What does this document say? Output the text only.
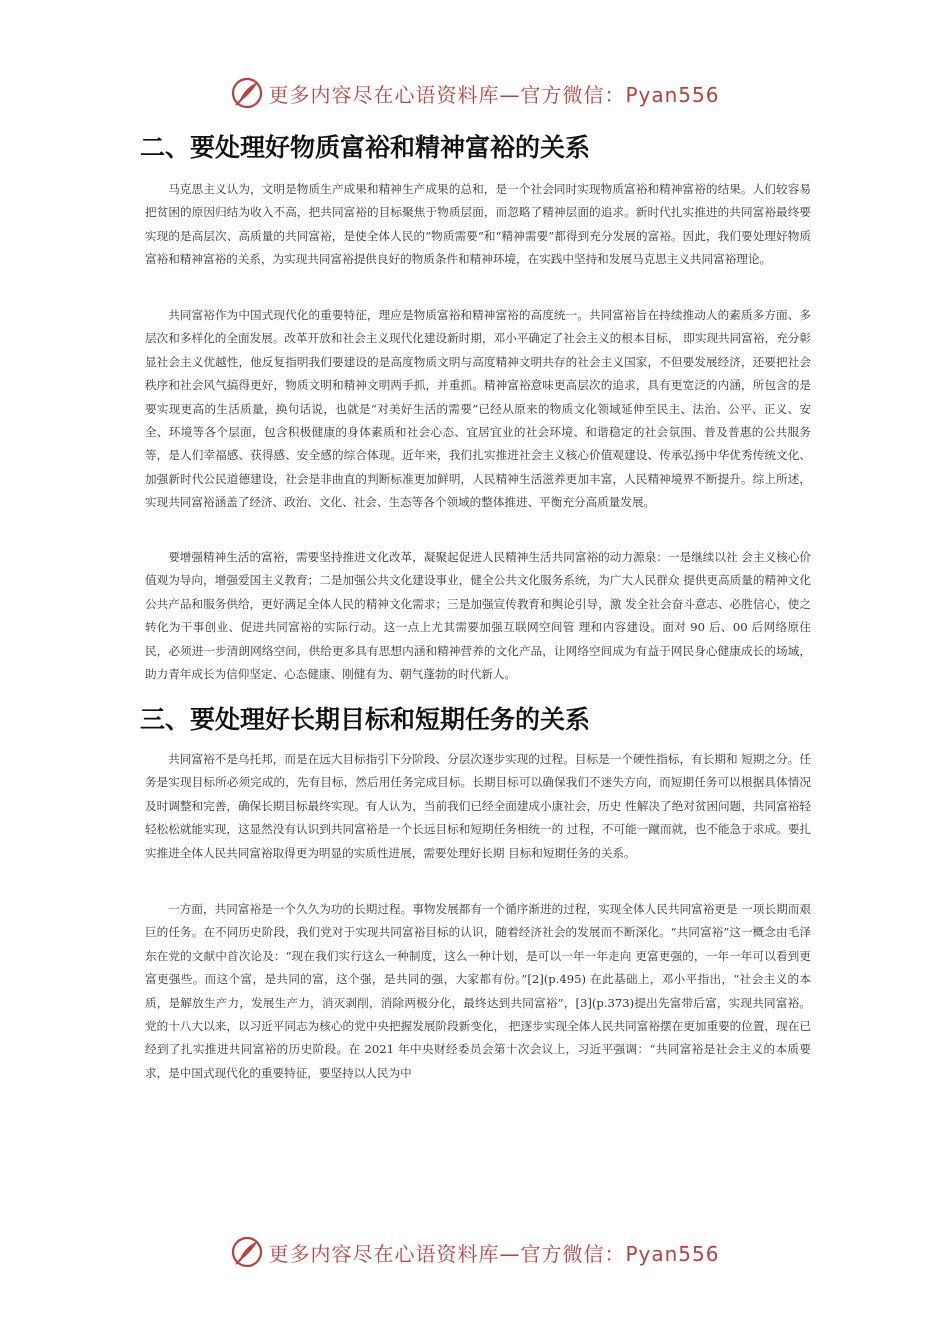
更多内容尽在心语资料库—官方微信：Pyan556
二、要处理好物质富裕和精神富裕的关系

马克思主义认为，文明是物质生产成果和精神生产成果的总和，是一个社会同时实现物质富裕和精神富裕的结果。人们较容易把贫困的原因归结为收入不高，把共同富裕的目标聚焦于物质层面，而忽略了精神层面的追求。新时代扎实推进的共同富裕最终要实现的是高层次、高质量的共同富裕，是使全体人民的“物质需要”和“精神需要”都得到充分发展的富裕。因此，我们要处理好物质富裕和精神富裕的关系，为实现共同富裕提供良好的物质条件和精神环境，在实践中坚持和发展马克思主义共同富裕理论。

共同富裕作为中国式现代化的重要特征，理应是物质富裕和精神富裕的高度统一。共同富裕旨在持续推动人的素质多方面、多层次和多样化的全面发展。改革开放和社会主义现代化建设新时期，邓小平确定了社会主义的根本目标， 即实现共同富裕，充分彰显社会主义优越性，他反复指明我们要建设的是高度物质文明与高度精神文明共存的社会主义国家，不但要发展经济，还要把社会秩序和社会风气搞得更好，物质文明和精神文明两手抓，并重抓。精神富裕意味更高层次的追求，具有更宽泛的内涵，所包含的是要实现更高的生活质量，换句话说，也就是“对美好生活的需要”已经从原来的物质文化领域延伸至民主、法治、公平、正义、安全、环境等各个层面，包含积极健康的身体素质和社会心态、宜居宜业的社会环境、和谐稳定的社会氛围、普及普惠的公共服务等，是人们幸福感、获得感、安全感的综合体现。近年来，我们扎实推进社会主义核心价值观建设、传承弘扬中华优秀传统文化、加强新时代公民道德建设，社会是非曲直的判断标准更加鲜明，人民精神生活滋养更加丰富，人民精神境界不断提升。综上所述，实现共同富裕涵盖了经济、政治、文化、社会、生态等各个领域的整体推进、平衡充分高质量发展。

要增强精神生活的富裕，需要坚持推进文化改革，凝聚起促进人民精神生活共同富裕的动力源泉：一是继续以社 会主义核心价值观为导向，增强爱国主义教育；二是加强公共文化建设事业，健全公共文化服务系统，为广大人民群众 提供更高质量的精神文化公共产品和服务供给，更好满足全体人民的精神文化需求；三是加强宣传教育和舆论引导，激 发全社会奋斗意志、必胜信心，使之转化为干事创业、促进共同富裕的实际行动。这一点上尤其需要加强互联网空间管 理和内容建设。面对 90 后、00 后网络原住民，必须进一步清朗网络空间，供给更多具有思想内涵和精神营养的文化产品，让网络空间成为有益于网民身心健康成长的场域，助力青年成长为信仰坚定、心态健康、刚健有为、朝气蓬勃的时代新人。

三、要处理好长期目标和短期任务的关系

共同富裕不是乌托邦，而是在远大目标指引下分阶段、分层次逐步实现的过程。目标是一个硬性指标，有长期和 短期之分。任务是实现目标所必须完成的，先有目标，然后用任务完成目标。长期目标可以确保我们不迷失方向，而短期任务可以根据具体情况及时调整和完善，确保长期目标最终实现。有人认为，当前我们已经全面建成小康社会，历史 性解决了绝对贫困问题，共同富裕轻轻松松就能实现，这显然没有认识到共同富裕是一个长远目标和短期任务相统一的 过程，不可能一蹴而就，也不能急于求成。要扎实推进全体人民共同富裕取得更为明显的实质性进展，需要处理好长期 目标和短期任务的关系。

一方面，共同富裕是一个久久为功的长期过程。事物发展都有一个循序渐进的过程，实现全体人民共同富裕更是 一项长期而艰巨的任务。在不同历史阶段，我们党对于实现共同富裕目标的认识，随着经济社会的发展而不断深化。“共同富裕”这一概念由毛泽东在党的文献中首次论及：“现在我们实行这么一种制度，这么一种计划，是可以一年一年走向 更富更强的，一年一年可以看到更富更强些。而这个富，是共同的富，这个强，是共同的强，大家都有份。”[2](p.495) 在此基础上，邓小平指出，“社会主义的本质，是解放生产力，发展生产力，消灭剥削，消除两极分化，最终达到共同富裕”，[3](p.373)提出先富带后富，实现共同富裕。党的十八大以来，以习近平同志为核心的党中央把握发展阶段新变化， 把逐步实现全体人民共同富裕摆在更加重要的位置，现在已经到了扎实推进共同富裕的历史阶段。在 2021 年中央财经委员会第十次会议上，习近平强调：“共同富裕是社会主义的本质要求，是中国式现代化的重要特征，要坚持以人民为中

更多内容尽在心语资料库—官方微信：Pyan556
